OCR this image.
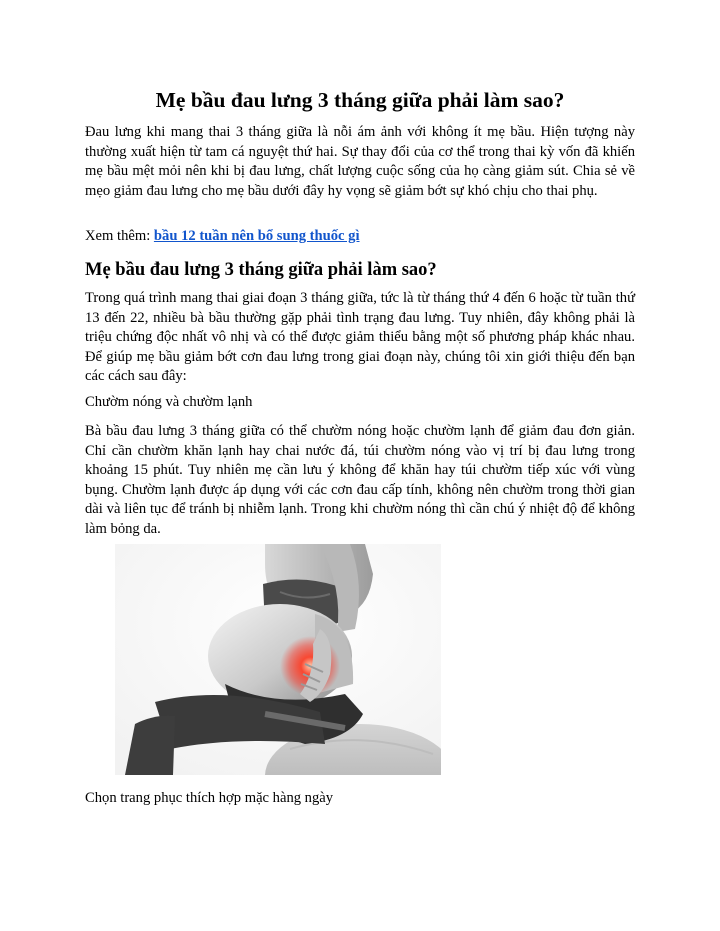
Mẹ bầu đau lưng 3 tháng giữa phải làm sao?

Đau lưng khi mang thai 3 tháng giữa là nỗi ám ảnh với không ít mẹ bầu. Hiện tượng này thường xuất hiện từ tam cá nguyệt thứ hai. Sự thay đổi của cơ thể trong thai kỳ vốn đã khiến mẹ bầu mệt mỏi nên khi bị đau lưng, chất lượng cuộc sống của họ càng giảm sút. Chia sẻ về mẹo giảm đau lưng cho mẹ bầu dưới đây hy vọng sẽ giảm bớt sự khó chịu cho thai phụ.

Xem thêm: bầu 12 tuần nên bổ sung thuốc gì

Mẹ bầu đau lưng 3 tháng giữa phải làm sao?

Trong quá trình mang thai giai đoạn 3 tháng giữa, tức là từ tháng thứ 4 đến 6 hoặc từ tuần thứ 13 đến 22, nhiều bà bầu thường gặp phải tình trạng đau lưng. Tuy nhiên, đây không phải là triệu chứng độc nhất vô nhị và có thể được giảm thiểu bằng một số phương pháp khác nhau. Để giúp mẹ bầu giảm bớt cơn đau lưng trong giai đoạn này, chúng tôi xin giới thiệu đến bạn các cách sau đây:

Chườm nóng và chườm lạnh

Bà bầu đau lưng 3 tháng giữa có thể chườm nóng hoặc chườm lạnh để giảm đau đơn giản. Chỉ cần chườm khăn lạnh hay chai nước đá, túi chườm nóng vào vị trí bị đau lưng trong khoảng 15 phút. Tuy nhiên mẹ cần lưu ý không để khăn hay túi chườm tiếp xúc với vùng bụng. Chườm lạnh được áp dụng với các cơn đau cấp tính, không nên chườm trong thời gian dài và liên tục để tránh bị nhiễm lạnh. Trong khi chườm nóng thì cần chú ý nhiệt độ để không làm bỏng da.

Chọn trang phục thích hợp mặc hàng ngày
